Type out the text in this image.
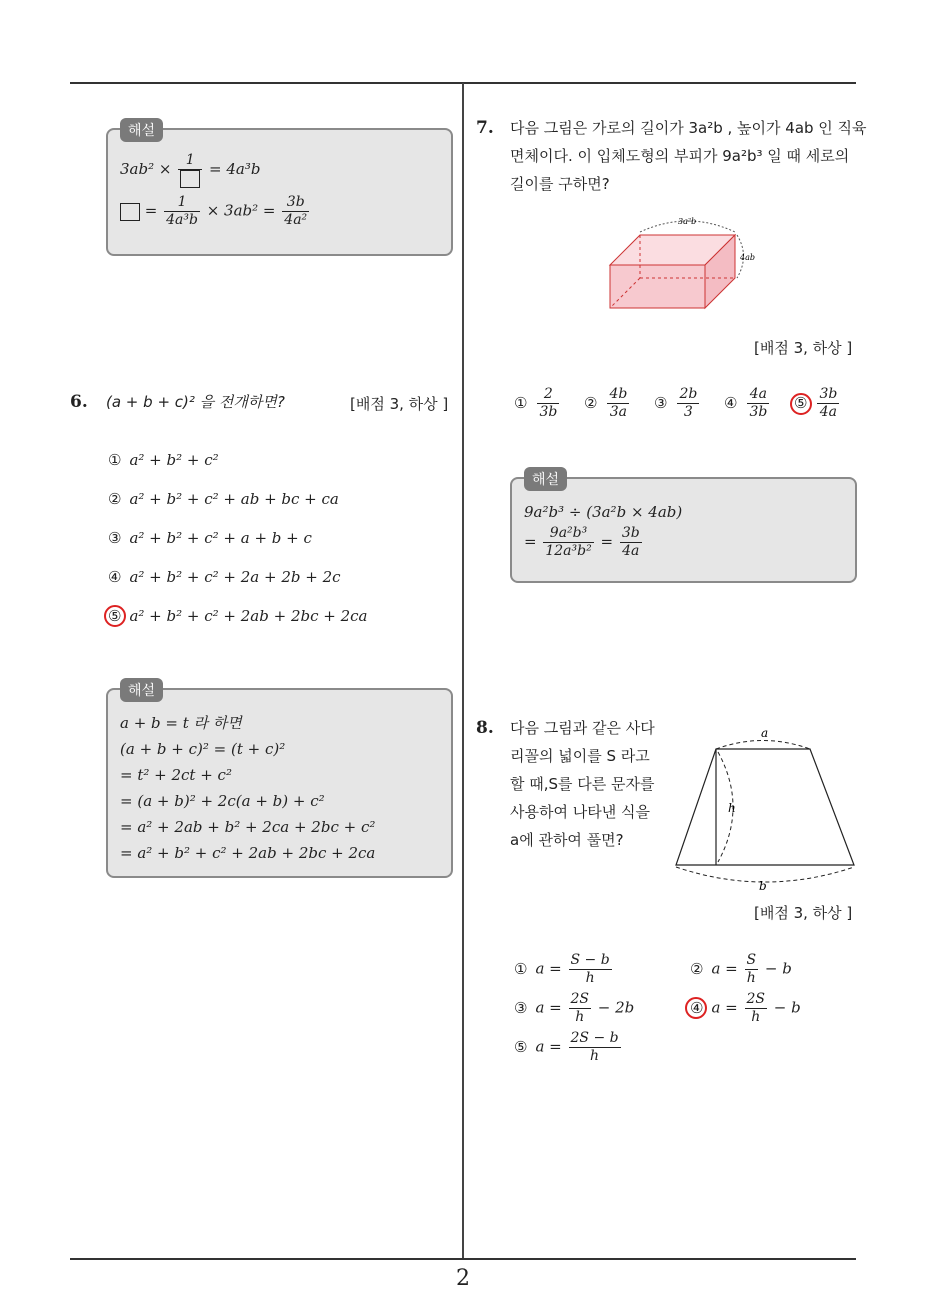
2
해설
3ab² ×	1 = 4a³b
= $\frac{1}{\text{4a³b}} \times 3ab^2 = \frac{3b}{\text{4a²}}$
6. (a + b + c)² 을 전개하면?	[배점 3, 하상 ]
① a² + b² + c²
② a² + b² + c² + ab + bc + ca
③ a² + b² + c² + a + b + c
④ a² + b² + c² + 2a + 2b + 2c
⑤ a² + b² + c² + 2ab + 2bc + 2ca
해설
a + b = t 라 하면
(a + b + c)² = (t + c)²
= t² + 2ct + c²
= (a + b)² + 2c(a + b) + c²
= a² + 2ab + b² + 2ca + 2bc + c²
= a² + b² + c² + 2ab + 2bc + 2ca
7. 다음 그림은 가로의 길이가 3a²b , 높이가 4ab 인 직육
면체이다. 이 입체도형의 부피가 9a²b³ 일 때 세로의
길이를 구하면?
3a²b
4ab
[배점 3, 하상 ]
① $\frac{2}{3b}$ ② $\frac{4b}{3a}$ ③ $\frac{2b}{3}$ ④ $\frac{4a}{3b}$ ⑤ $\frac{3b}{4a}$
해설
9a²b³ ÷ (3a²b × 4ab)
= $\frac{\text{9a²b³}}{\text{12a³b²}} = \frac{3b}{4a}$
8. 다음 그림과 같은 사다
리꼴의 넓이를 S 라고
할 때,S를 다른 문자를
사용하여 나타낸 식을
a에 관하여 풀면?
a
h
b
[배점 3, 하상 ]
① $a = \frac{S - b}{h}$	② $a = \frac{S}{h} - b$
③ $a = \frac{2S}{h} - 2b$	④ $a = \frac{2S}{h} - b$
⑤ $a = \frac{2S - b}{h}$
